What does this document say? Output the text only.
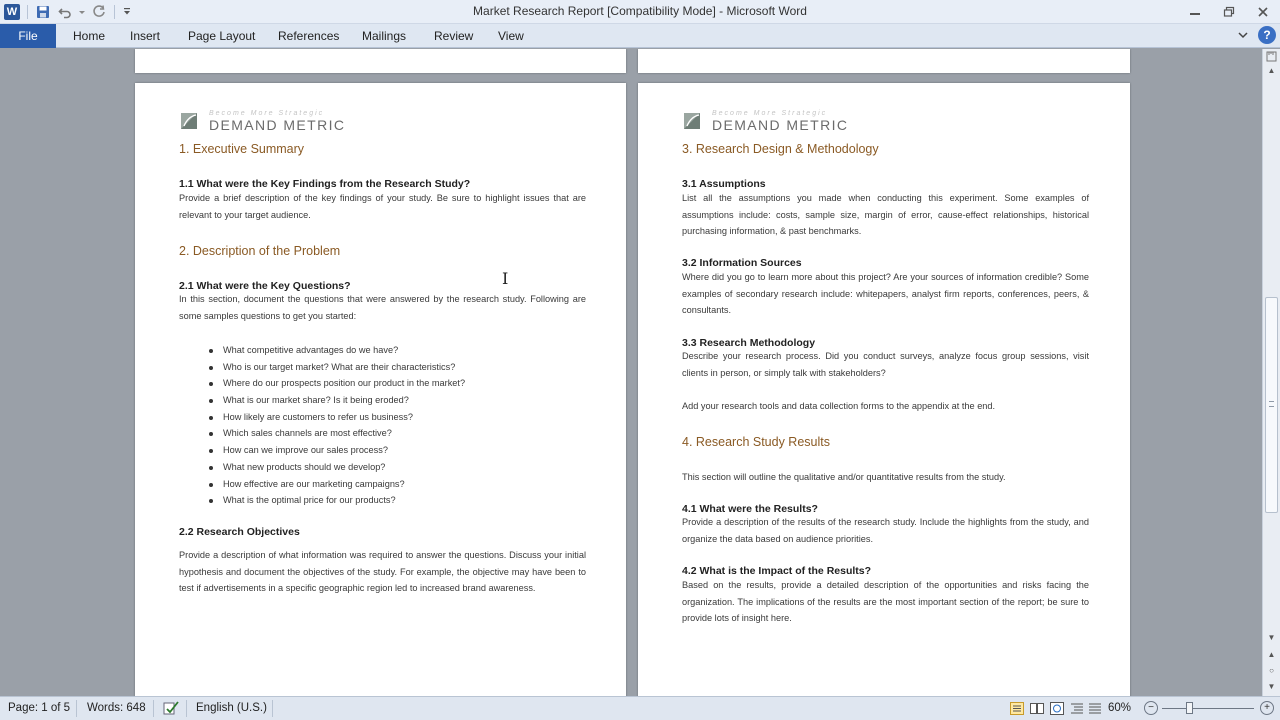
W	Market Research Report [Compatibility Mode] - Microsoft Word
File	Home Insert Page Layout References Mailings Review View	?
Become More Strategic
DEMAND METRIC
1. Executive Summary
1.1 What were the Key Findings from the Research Study?
Provide a brief description of the key findings of your study. Be sure to highlight issues that are relevant to your target audience.
2. Description of the Problem
2.1 What were the Key Questions?
In this section, document the questions that were answered by the research study. Following are some samples questions to get you started:
What competitive advantages do we have?
Who is our target market? What are their characteristics?
Where do our prospects position our product in the market?
What is our market share? Is it being eroded?
How likely are customers to refer us business?
Which sales channels are most effective?
How can we improve our sales process?
What new products should we develop?
How effective are our marketing campaigns?
What is the optimal price for our products?
2.2 Research Objectives
Provide a description of what information was required to answer the questions. Discuss your initial hypothesis and document the objectives of the study. For example, the objective may have been to test if advertisements in a specific geographic region led to increased brand awareness.
Become More Strategic
DEMAND METRIC
3. Research Design & Methodology
3.1 Assumptions
List all the assumptions you made when conducting this experiment. Some examples of assumptions include: costs, sample size, margin of error, cause-effect relationships, historical purchasing information, & past benchmarks.
3.2 Information Sources
Where did you go to learn more about this project? Are your sources of information credible? Some examples of secondary research include: whitepapers, analyst firm reports, conferences, peers, & consultants.
3.3 Research Methodology
Describe your research process. Did you conduct surveys, analyze focus group sessions, visit clients in person, or simply talk with stakeholders?
Add your research tools and data collection forms to the appendix at the end.
4. Research Study Results
This section will outline the qualitative and/or quantitative results from the study.
4.1 What were the Results?
Provide a description of the results of the research study. Include the highlights from the study, and organize the data based on audience priorities.
4.2 What is the Impact of the Results?
Based on the results, provide a detailed description of the opportunities and risks facing the organization. The implications of the results are the most important section of the report; be sure to provide lots of insight here.
I
▲
▼
▲
○
▼
Page: 1 of 5 Words: 648	English (U.S.)	60%	−	+
